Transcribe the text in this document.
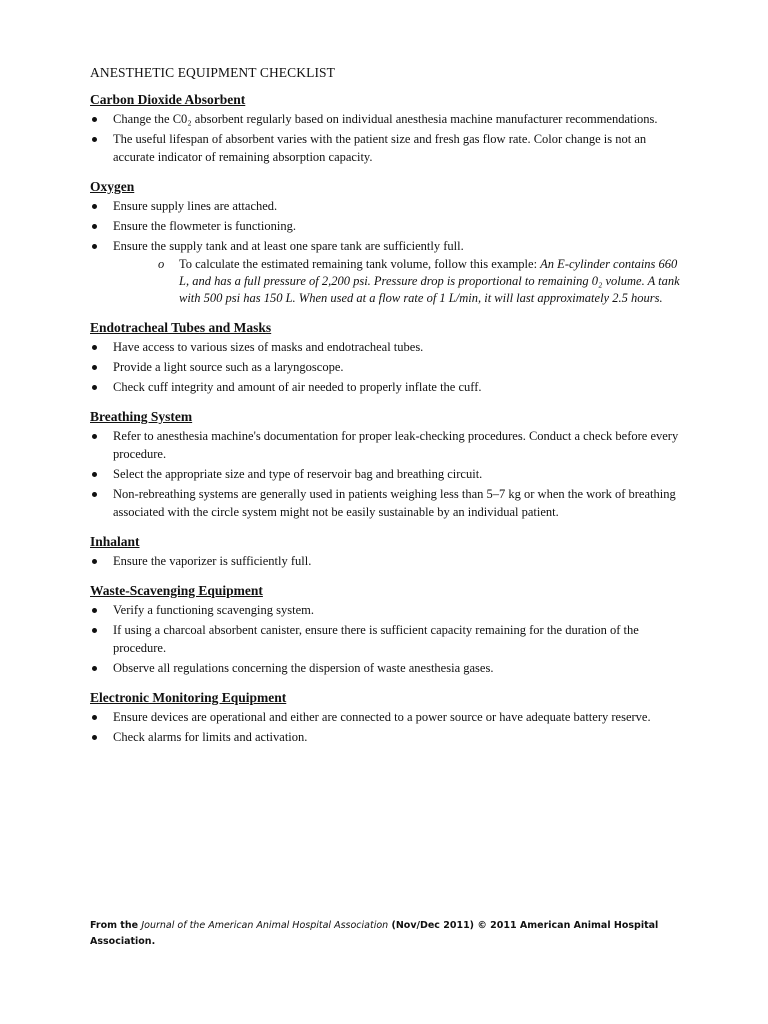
ANESTHETIC EQUIPMENT CHECKLIST
Carbon Dioxide Absorbent
Change the C0₂ absorbent regularly based on individual anesthesia machine manufacturer recommendations.
The useful lifespan of absorbent varies with the patient size and fresh gas flow rate. Color change is not an accurate indicator of remaining absorption capacity.
Oxygen
Ensure supply lines are attached.
Ensure the flowmeter is functioning.
Ensure the supply tank and at least one spare tank are sufficiently full.
o To calculate the estimated remaining tank volume, follow this example: An E-cylinder contains 660 L, and has a full pressure of 2,200 psi. Pressure drop is proportional to remaining 0₂ volume. A tank with 500 psi has 150 L. When used at a flow rate of 1 L/min, it will last approximately 2.5 hours.
Endotracheal Tubes and Masks
Have access to various sizes of masks and endotracheal tubes.
Provide a light source such as a laryngoscope.
Check cuff integrity and amount of air needed to properly inflate the cuff.
Breathing System
Refer to anesthesia machine's documentation for proper leak-checking procedures. Conduct a check before every procedure.
Select the appropriate size and type of reservoir bag and breathing circuit.
Non-rebreathing systems are generally used in patients weighing less than 5–7 kg or when the work of breathing associated with the circle system might not be easily sustainable by an individual patient.
Inhalant
Ensure the vaporizer is sufficiently full.
Waste-Scavenging Equipment
Verify a functioning scavenging system.
If using a charcoal absorbent canister, ensure there is sufficient capacity remaining for the duration of the procedure.
Observe all regulations concerning the dispersion of waste anesthesia gases.
Electronic Monitoring Equipment
Ensure devices are operational and either are connected to a power source or have adequate battery reserve.
Check alarms for limits and activation.
From the Journal of the American Animal Hospital Association (Nov/Dec 2011) © 2011 American Animal Hospital Association.
